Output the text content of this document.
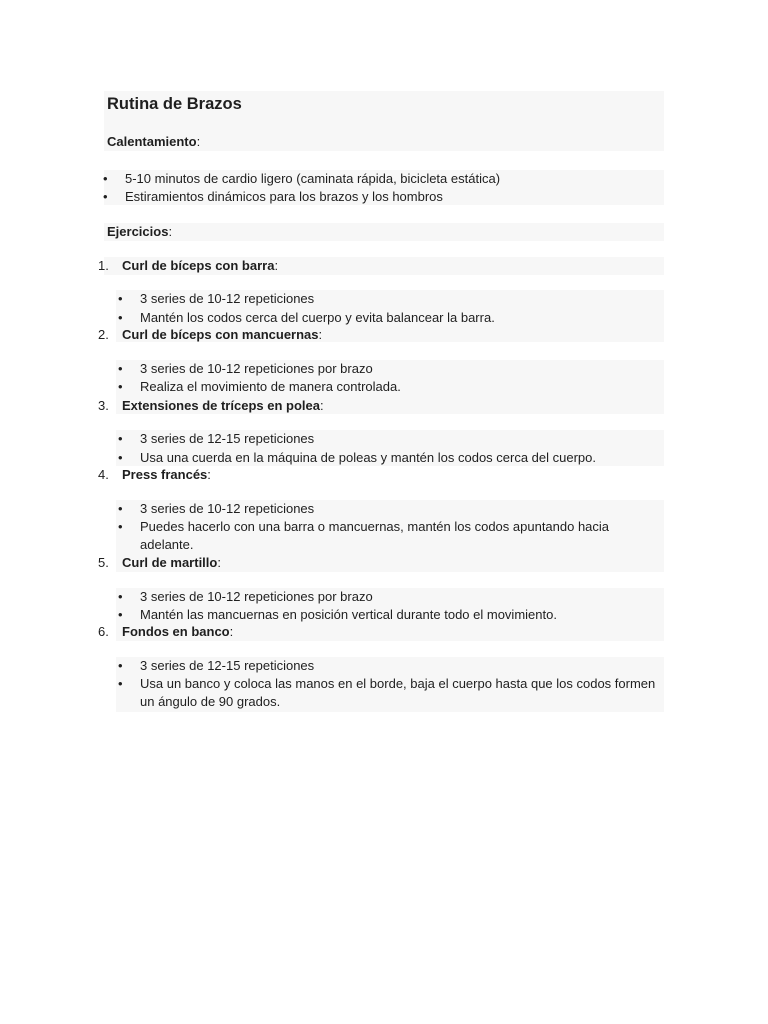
Rutina de Brazos
Calentamiento:
• 5-10 minutos de cardio ligero (caminata rápida, bicicleta estática)
• Estiramientos dinámicos para los brazos y los hombros
Ejercicios:
1. Curl de bíceps con barra:
• 3 series de 10-12 repeticiones
• Mantén los codos cerca del cuerpo y evita balancear la barra.
2. Curl de bíceps con mancuernas:
• 3 series de 10-12 repeticiones por brazo
• Realiza el movimiento de manera controlada.
3. Extensiones de tríceps en polea:
• 3 series de 12-15 repeticiones
• Usa una cuerda en la máquina de poleas y mantén los codos cerca del cuerpo.
4. Press francés:
• 3 series de 10-12 repeticiones
• Puedes hacerlo con una barra o mancuernas, mantén los codos apuntando hacia
adelante.
5. Curl de martillo:
• 3 series de 10-12 repeticiones por brazo
• Mantén las mancuernas en posición vertical durante todo el movimiento.
6. Fondos en banco:
• 3 series de 12-15 repeticiones
• Usa un banco y coloca las manos en el borde, baja el cuerpo hasta que los codos formen
un ángulo de 90 grados.
